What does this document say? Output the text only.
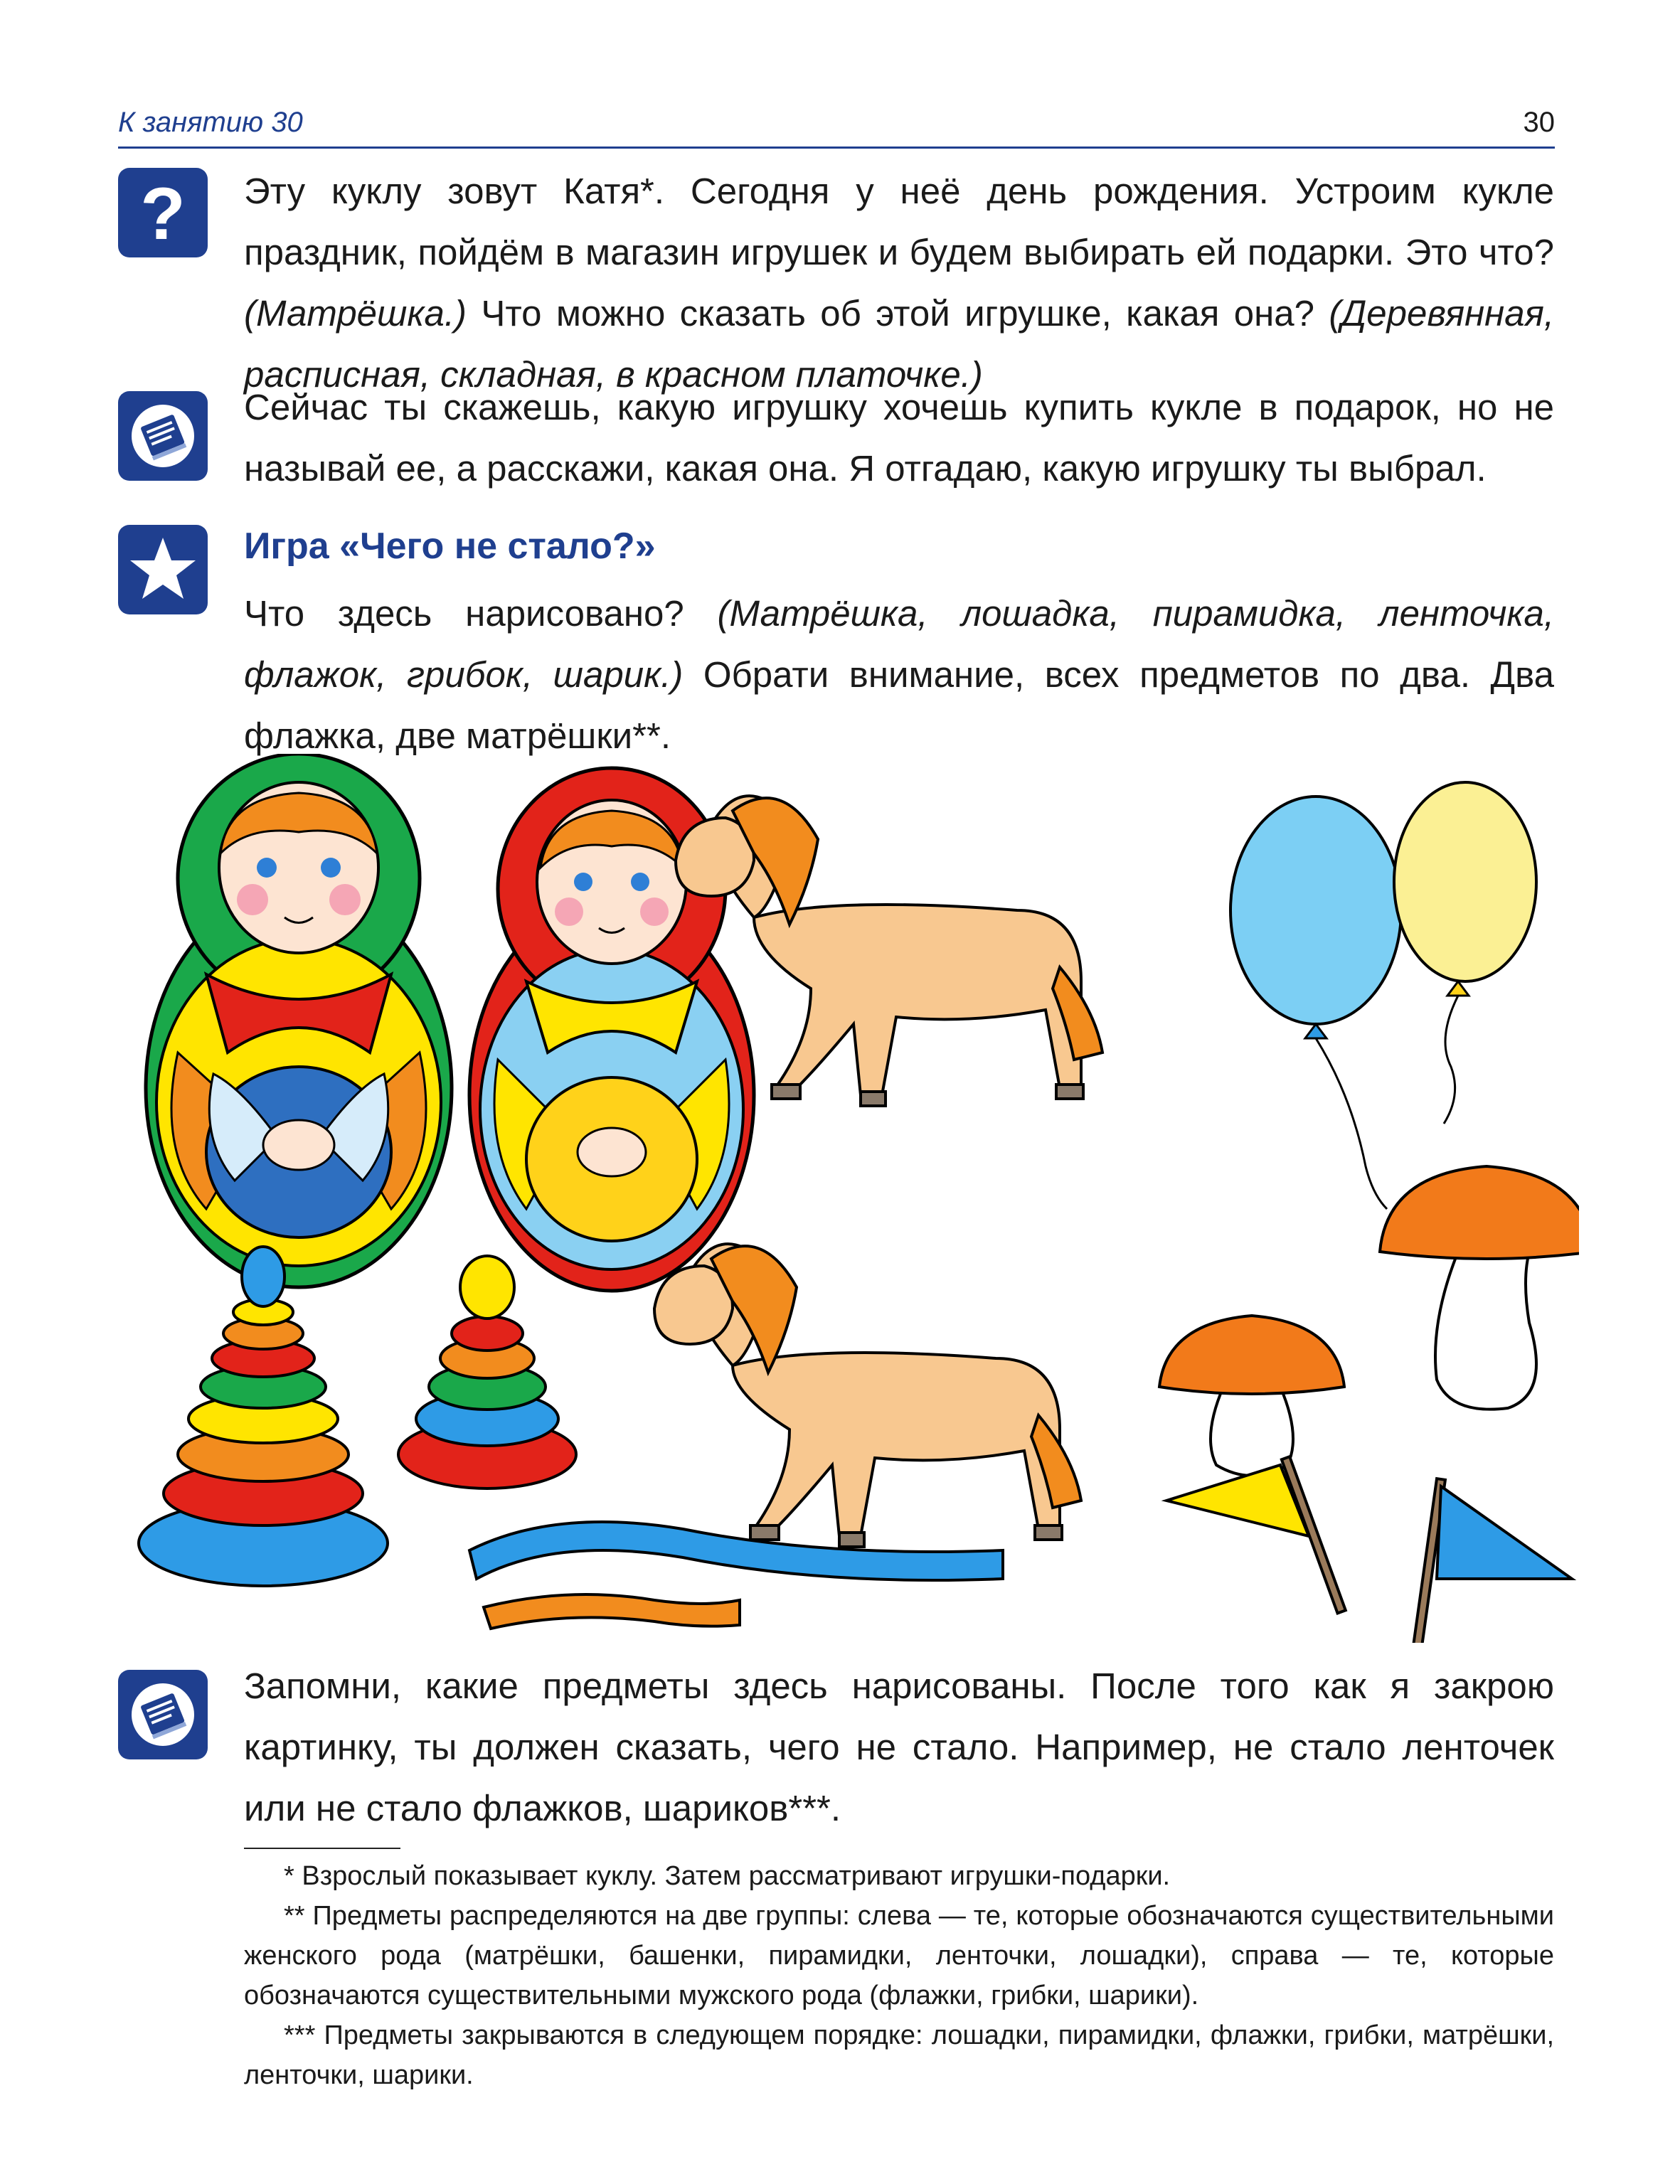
К занятию 30	30
? Эту куклу зовут Катя*. Сегодня у неё день рождения. Устроим кукле праздник, пойдём в магазин игрушек и будем выбирать ей подарки. Это что? (Матрёшка.) Что можно сказать об этой игрушке, какая она? (Деревянная, расписная, складная, в красном платочке.)
Сейчас ты скажешь, какую игрушку хочешь купить кукле в подарок, но не называй ее, а расскажи, какая она. Я отгадаю, какую игрушку ты выбрал.
Игра «Чего не стало?»
Что здесь нарисовано? (Матрёшка, лошадка, пирамидка, ленточка, флажок, грибок, шарик.) Обрати внимание, всех предметов по два. Два флажка, две матрёшки**.
Запомни, какие предметы здесь нарисованы. После того как я закрою картинку, ты должен сказать, чего не стало. Например, не стало ленточек или не стало флажков, шариков***.
* Взрослый показывает куклу. Затем рассматривают игрушки-подарки.
** Предметы распределяются на две группы: слева — те, которые обозначаются существительными женского рода (матрёшки, башенки, пирамидки, ленточки, лошадки), справа — те, которые обозначаются существительными мужского рода (флажки, грибки, шарики).
*** Предметы закрываются в следующем порядке: лошадки, пирамидки, флажки, грибки, матрёшки, ленточки, шарики.
